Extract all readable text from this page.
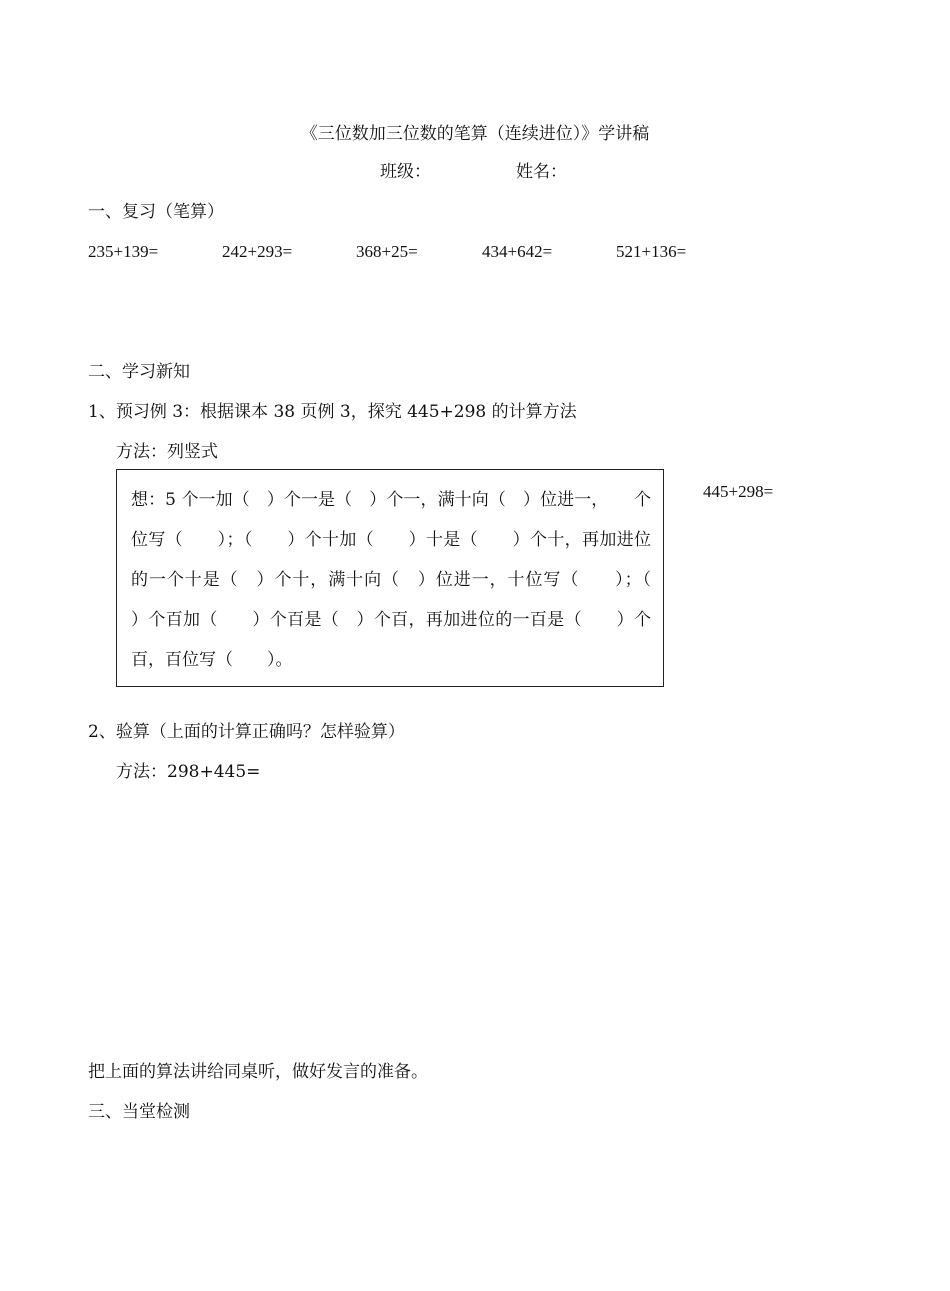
《三位数加三位数的笔算（连续进位）》学讲稿
班级：	姓名：
一、复习（笔算）
235+139=	242+293=	368+25=	434+642=	521+136=
二、学习新知
1、预习例 3：根据课本 38 页例 3，探究 445+298 的计算方法
方法：列竖式
想：5 个一加（　）个一是（　）个一，满十向（　）位进一，　　个
位写（　　）；（　　）个十加（　　）十是（　　）个十，再加进位
的一个十是（　）个十，满十向（　）位进一，十位写（　　）；（
）个百加（　　）个百是（　）个百，再加进位的一百是（　　）个
百，百位写（　　）。
445+298=
2、验算（上面的计算正确吗？怎样验算）
方法：298+445=
把上面的算法讲给同桌听，做好发言的准备。
三、当堂检测
